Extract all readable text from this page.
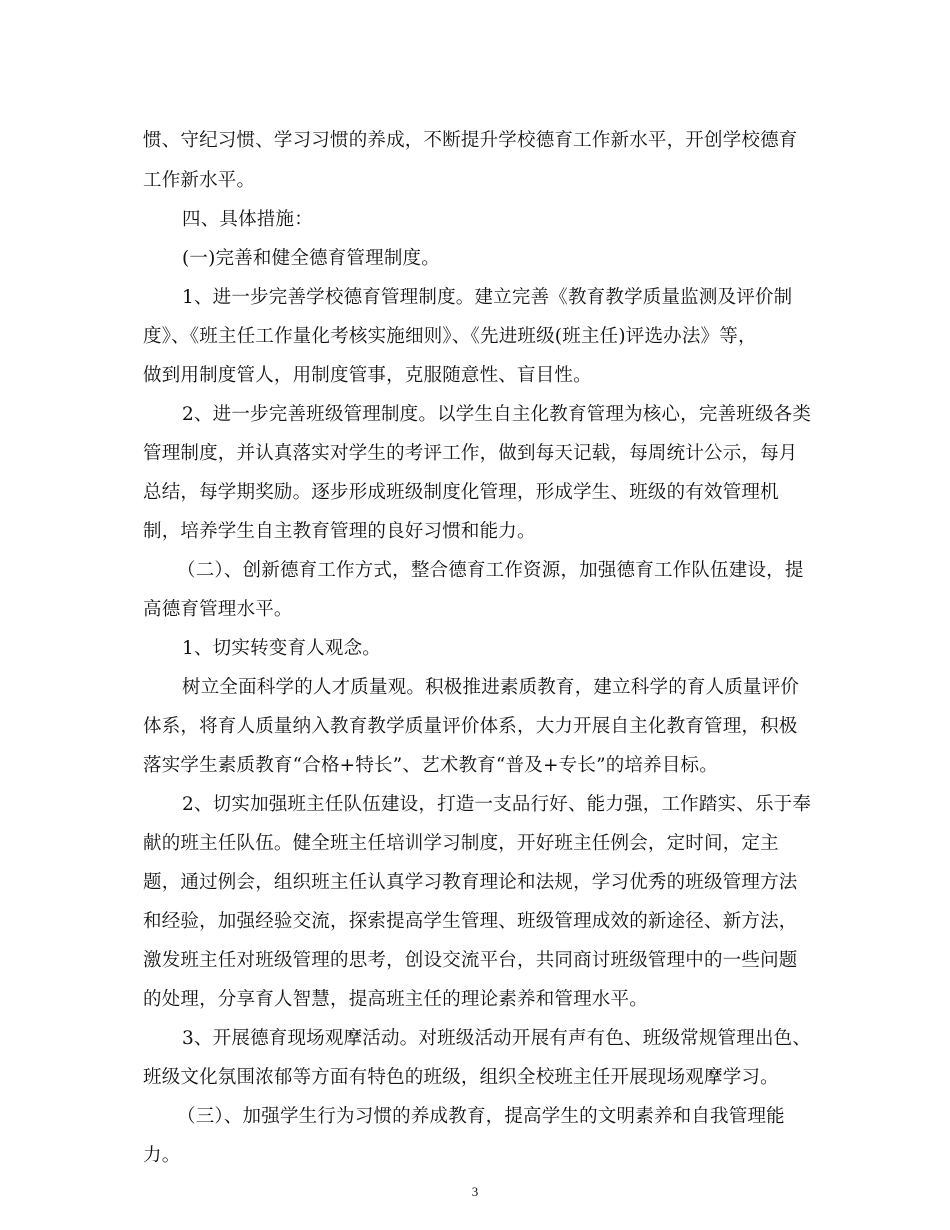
惯、守纪习惯、学习习惯的养成，不断提升学校德育工作新水平，开创学校德育
工作新水平。
四、具体措施：
(一)完善和健全德育管理制度。
1、进一步完善学校德育管理制度。建立完善《教育教学质量监测及评价制
度》、《班主任工作量化考核实施细则》、《先进班级(班主任)评选办法》等，
做到用制度管人，用制度管事，克服随意性、盲目性。
2、进一步完善班级管理制度。以学生自主化教育管理为核心，完善班级各类
管理制度，并认真落实对学生的考评工作，做到每天记载，每周统计公示，每月
总结，每学期奖励。逐步形成班级制度化管理，形成学生、班级的有效管理机
制，培养学生自主教育管理的良好习惯和能力。
（二）、创新德育工作方式，整合德育工作资源，加强德育工作队伍建设，提
高德育管理水平。
1、切实转变育人观念。
树立全面科学的人才质量观。积极推进素质教育，建立科学的育人质量评价
体系，将育人质量纳入教育教学质量评价体系，大力开展自主化教育管理，积极
落实学生素质教育“合格+特长”、艺术教育“普及+专长”的培养目标。
2、切实加强班主任队伍建设，打造一支品行好、能力强，工作踏实、乐于奉
献的班主任队伍。健全班主任培训学习制度，开好班主任例会，定时间，定主
题，通过例会，组织班主任认真学习教育理论和法规，学习优秀的班级管理方法
和经验，加强经验交流，探索提高学生管理、班级管理成效的新途径、新方法，
激发班主任对班级管理的思考，创设交流平台，共同商讨班级管理中的一些问题
的处理，分享育人智慧，提高班主任的理论素养和管理水平。
3、开展德育现场观摩活动。对班级活动开展有声有色、班级常规管理出色、
班级文化氛围浓郁等方面有特色的班级，组织全校班主任开展现场观摩学习。
（三）、加强学生行为习惯的养成教育，提高学生的文明素养和自我管理能
力。
3
